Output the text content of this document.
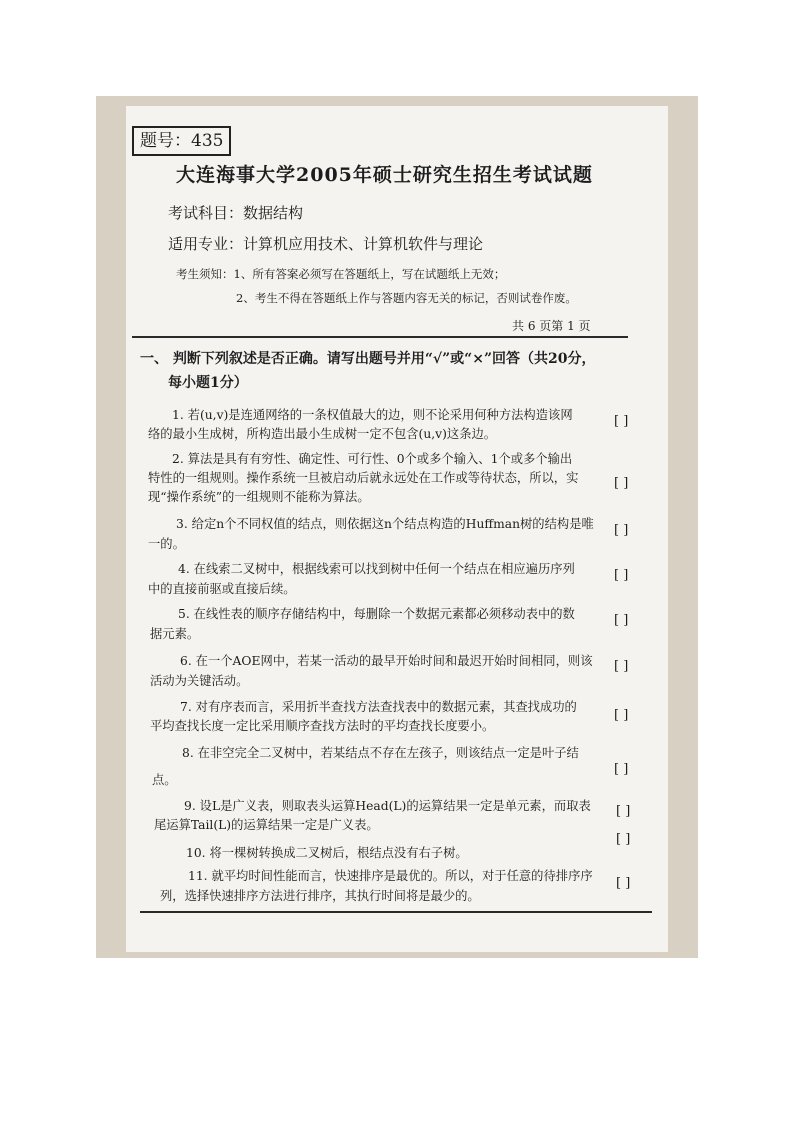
题号：435
大连海事大学2005年硕士研究生招生考试试题
考试科目：数据结构
适用专业：计算机应用技术、计算机软件与理论
考生须知：1、所有答案必须写在答题纸上，写在试题纸上无效；
2、考生不得在答题纸上作与答题内容无关的标记，否则试卷作废。
共 6 页第 1 页
一、 判断下列叙述是否正确。请写出题号并用“√”或“×”回答（共20分，
每小题1分）
1. 若(u,v)是连通网络的一条权值最大的边，则不论采用何种方法构造该网
络的最小生成树，所构造出最小生成树一定不包含(u,v)这条边。
[ ]
2. 算法是具有有穷性、确定性、可行性、0个或多个输入、1个或多个输出
特性的一组规则。操作系统一旦被启动后就永远处在工作或等待状态，所以，实
现“操作系统”的一组规则不能称为算法。
[ ]
3. 给定n个不同权值的结点，则依据这n个结点构造的Huffman树的结构是唯
一的。
[ ]
4. 在线索二叉树中，根据线索可以找到树中任何一个结点在相应遍历序列
中的直接前驱或直接后续。
[ ]
5. 在线性表的顺序存储结构中，每删除一个数据元素都必须移动表中的数
据元素。
[ ]
6. 在一个AOE网中，若某一活动的最早开始时间和最迟开始时间相同，则该
活动为关键活动。
[ ]
7. 对有序表而言，采用折半查找方法查找表中的数据元素，其查找成功的
平均查找长度一定比采用顺序查找方法时的平均查找长度要小。
[ ]
8. 在非空完全二叉树中，若某结点不存在左孩子，则该结点一定是叶子结
点。
[ ]
9. 设L是广义表，则取表头运算Head(L)的运算结果一定是单元素，而取表
尾运算Tail(L)的运算结果一定是广义表。
[ ]
10. 将一棵树转换成二叉树后，根结点没有右子树。
[ ]
11. 就平均时间性能而言，快速排序是最优的。所以，对于任意的待排序序
列，选择快速排序方法进行排序，其执行时间将是最少的。
[ ]
